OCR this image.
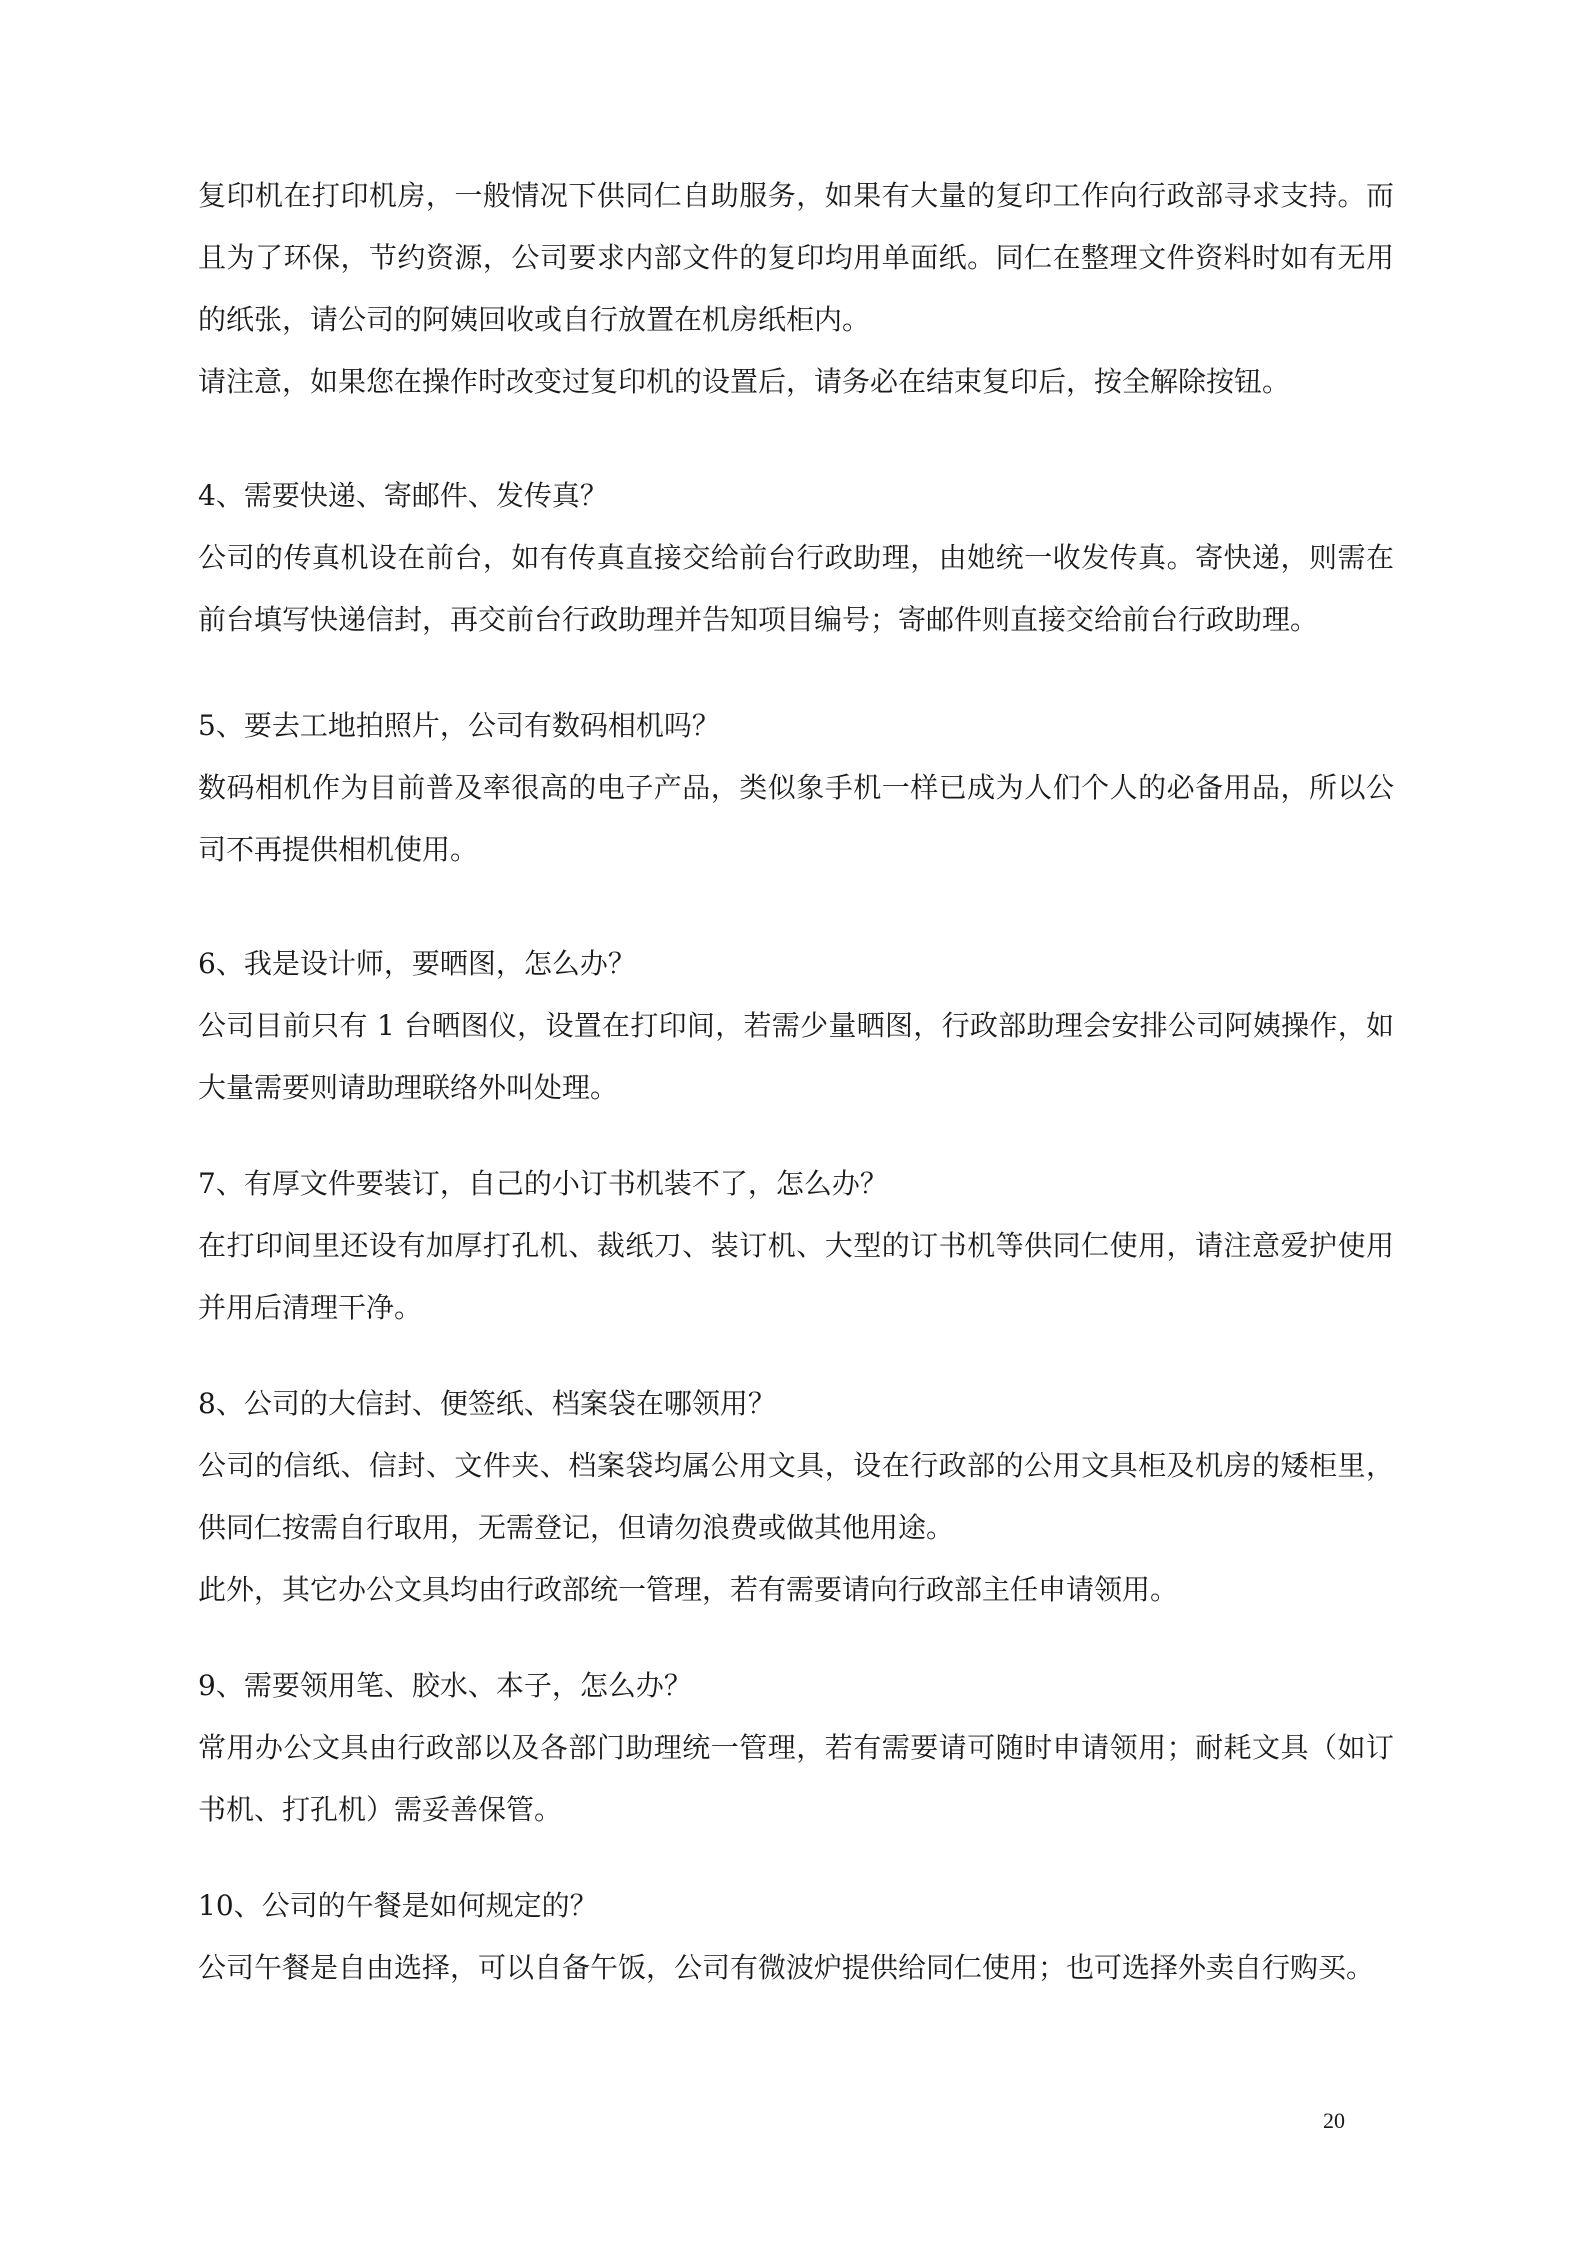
复印机在打印机房，一般情况下供同仁自助服务，如果有大量的复印工作向行政部寻求支持。而且为了环保，节约资源，公司要求内部文件的复印均用单面纸。同仁在整理文件资料时如有无用的纸张，请公司的阿姨回收或自行放置在机房纸柜内。

请注意，如果您在操作时改变过复印机的设置后，请务必在结束复印后，按全解除按钮。

4、需要快递、寄邮件、发传真？

公司的传真机设在前台，如有传真直接交给前台行政助理，由她统一收发传真。寄快递，则需在前台填写快递信封，再交前台行政助理并告知项目编号；寄邮件则直接交给前台行政助理。

5、要去工地拍照片，公司有数码相机吗？

数码相机作为目前普及率很高的电子产品，类似象手机一样已成为人们个人的必备用品，所以公司不再提供相机使用。

6、我是设计师，要晒图，怎么办？

公司目前只有 1 台晒图仪，设置在打印间，若需少量晒图，行政部助理会安排公司阿姨操作，如大量需要则请助理联络外叫处理。

7、有厚文件要装订，自己的小订书机装不了，怎么办？

在打印间里还设有加厚打孔机、裁纸刀、装订机、大型的订书机等供同仁使用，请注意爱护使用并用后清理干净。

8、公司的大信封、便签纸、档案袋在哪领用？

公司的信纸、信封、文件夹、档案袋均属公用文具，设在行政部的公用文具柜及机房的矮柜里，供同仁按需自行取用，无需登记，但请勿浪费或做其他用途。

此外，其它办公文具均由行政部统一管理，若有需要请向行政部主任申请领用。

9、需要领用笔、胶水、本子，怎么办？

常用办公文具由行政部以及各部门助理统一管理，若有需要请可随时申请领用；耐耗文具（如订书机、打孔机）需妥善保管。

10、公司的午餐是如何规定的？

公司午餐是自由选择，可以自备午饭，公司有微波炉提供给同仁使用；也可选择外卖自行购买。

20
